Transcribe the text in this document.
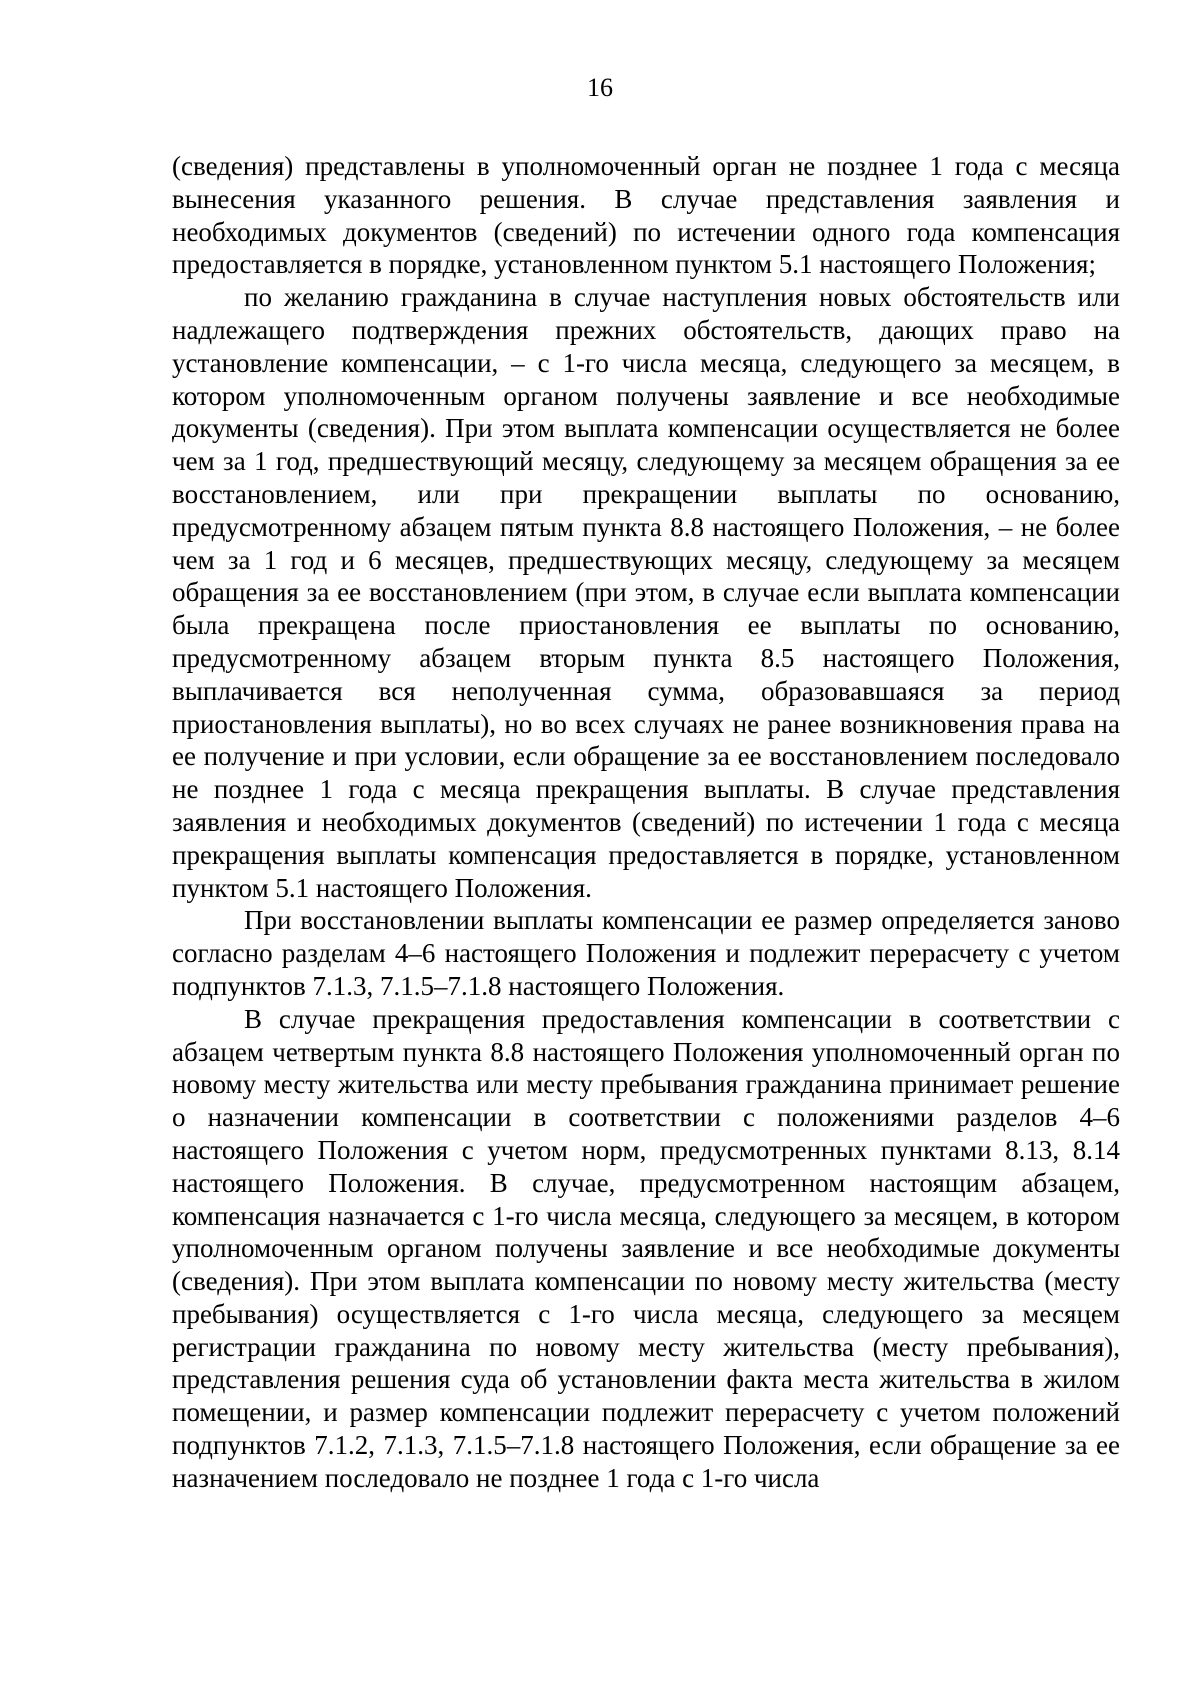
16

(сведения) представлены в уполномоченный орган не позднее 1 года с месяца вынесения указанного решения. В случае представления заявления и необходимых документов (сведений) по истечении одного года компенсация предоставляется в порядке, установленном пунктом 5.1 настоящего Положения;

по желанию гражданина в случае наступления новых обстоятельств или надлежащего подтверждения прежних обстоятельств, дающих право на установление компенсации, – с 1-го числа месяца, следующего за месяцем, в котором уполномоченным органом получены заявление и все необходимые документы (сведения). При этом выплата компенсации осуществляется не более чем за 1 год, предшествующий месяцу, следующему за месяцем обращения за ее восстановлением, или при прекращении выплаты по основанию, предусмотренному абзацем пятым пункта 8.8 настоящего Положения, – не более чем за 1 год и 6 месяцев, предшествующих месяцу, следующему за месяцем обращения за ее восстановлением (при этом, в случае если выплата компенсации была прекращена после приостановления ее выплаты по основанию, предусмотренному абзацем вторым пункта 8.5 настоящего Положения, выплачивается вся неполученная сумма, образовавшаяся за период приостановления выплаты), но во всех случаях не ранее возникновения права на ее получение и при условии, если обращение за ее восстановлением последовало не позднее 1 года с месяца прекращения выплаты. В случае представления заявления и необходимых документов (сведений) по истечении 1 года с месяца прекращения выплаты компенсация предоставляется в порядке, установленном пунктом 5.1 настоящего Положения.

При восстановлении выплаты компенсации ее размер определяется заново согласно разделам 4–6 настоящего Положения и подлежит перерасчету с учетом подпунктов 7.1.3, 7.1.5–7.1.8 настоящего Положения.

В случае прекращения предоставления компенсации в соответствии с абзацем четвертым пункта 8.8 настоящего Положения уполномоченный орган по новому месту жительства или месту пребывания гражданина принимает решение о назначении компенсации в соответствии с положениями разделов 4–6 настоящего Положения с учетом норм, предусмотренных пунктами 8.13, 8.14 настоящего Положения. В случае, предусмотренном настоящим абзацем, компенсация назначается с 1-го числа месяца, следующего за месяцем, в котором уполномоченным органом получены заявление и все необходимые документы (сведения). При этом выплата компенсации по новому месту жительства (месту пребывания) осуществляется с 1-го числа месяца, следующего за месяцем регистрации гражданина по новому месту жительства (месту пребывания), представления решения суда об установлении факта места жительства в жилом помещении, и размер компенсации подлежит перерасчету с учетом положений подпунктов 7.1.2, 7.1.3, 7.1.5–7.1.8 настоящего Положения, если обращение за ее назначением последовало не позднее 1 года с 1-го числа
